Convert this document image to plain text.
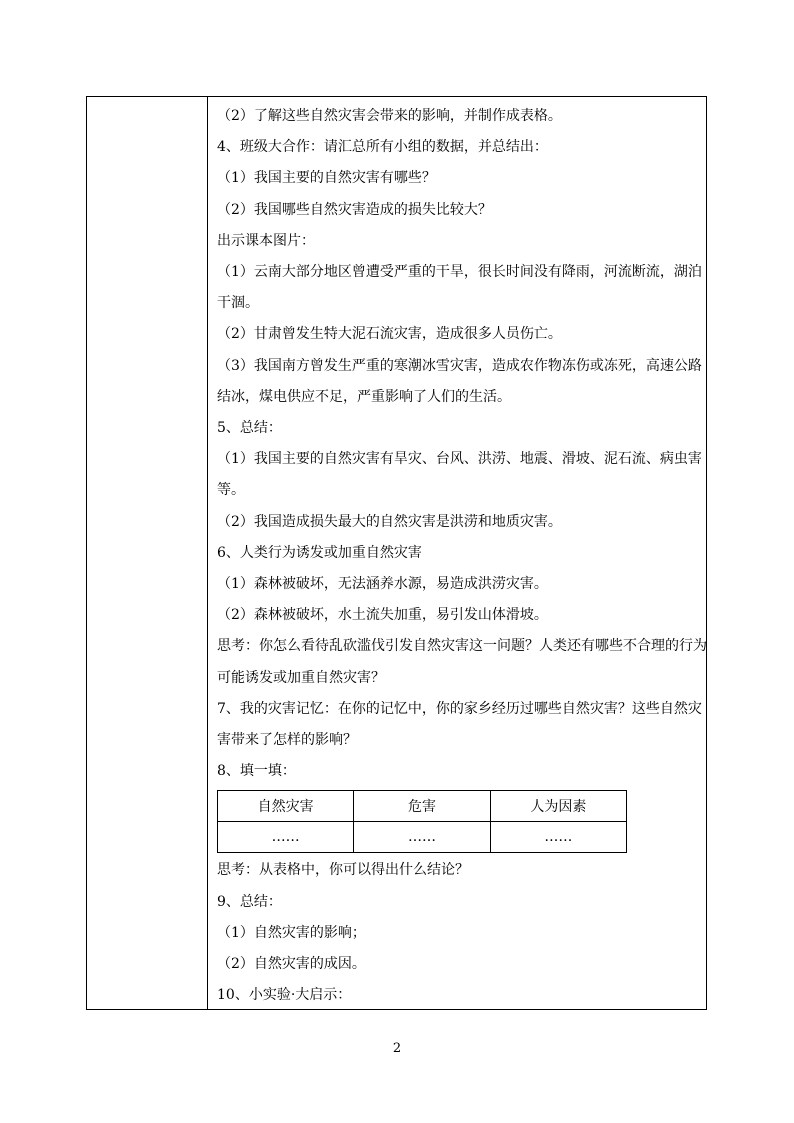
（2）了解这些自然灾害会带来的影响，并制作成表格。

4、班级大合作：请汇总所有小组的数据，并总结出：

（1）我国主要的自然灾害有哪些？

（2）我国哪些自然灾害造成的损失比较大？

出示课本图片：

（1）云南大部分地区曾遭受严重的干旱，很长时间没有降雨，河流断流，湖泊

干涸。

（2）甘肃曾发生特大泥石流灾害，造成很多人员伤亡。

（3）我国南方曾发生严重的寒潮冰雪灾害，造成农作物冻伤或冻死，高速公路

结冰，煤电供应不足，严重影响了人们的生活。

5、总结：

（1）我国主要的自然灾害有旱灾、台风、洪涝、地震、滑坡、泥石流、病虫害

等。

（2）我国造成损失最大的自然灾害是洪涝和地质灾害。

6、人类行为诱发或加重自然灾害

（1）森林被破坏，无法涵养水源，易造成洪涝灾害。

（2）森林被破坏，水土流失加重，易引发山体滑坡。

思考：你怎么看待乱砍滥伐引发自然灾害这一问题？人类还有哪些不合理的行为

可能诱发或加重自然灾害？

7、我的灾害记忆：在你的记忆中，你的家乡经历过哪些自然灾害？这些自然灾

害带来了怎样的影响？

8、填一填：

自然灾害	危害	人为因素
……	……	……

思考：从表格中，你可以得出什么结论？

9、总结：

（1）自然灾害的影响；

（2）自然灾害的成因。

10、小实验·大启示：

2
